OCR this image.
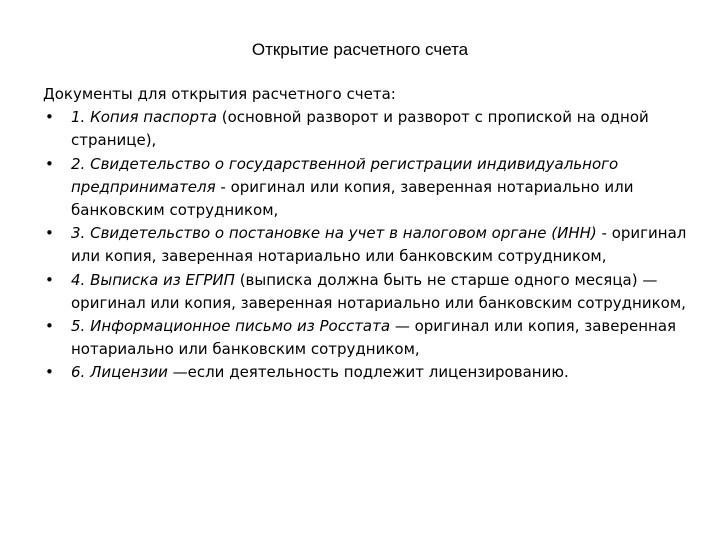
Открытие расчетного счета

Документы для открытия расчетного счета:

•	1. Копия паспорта (основной разворот и разворот с пропиской на одной странице),
•	2. Свидетельство о государственной регистрации индивидуального предпринимателя - оригинал или копия, заверенная нотариально или банковским сотрудником,
•	3. Свидетельство о постановке на учет в налоговом органе (ИНН) - оригинал или копия, заверенная нотариально или банковским сотрудником,
•	4. Выписка из ЕГРИП (выписка должна быть не старше одного месяца) — оригинал или копия, заверенная нотариально или банковским сотрудником,
•	5. Информационное письмо из Росстата — оригинал или копия, заверенная нотариально или банковским сотрудником,
•	6. Лицензии —если деятельность подлежит лицензированию.
